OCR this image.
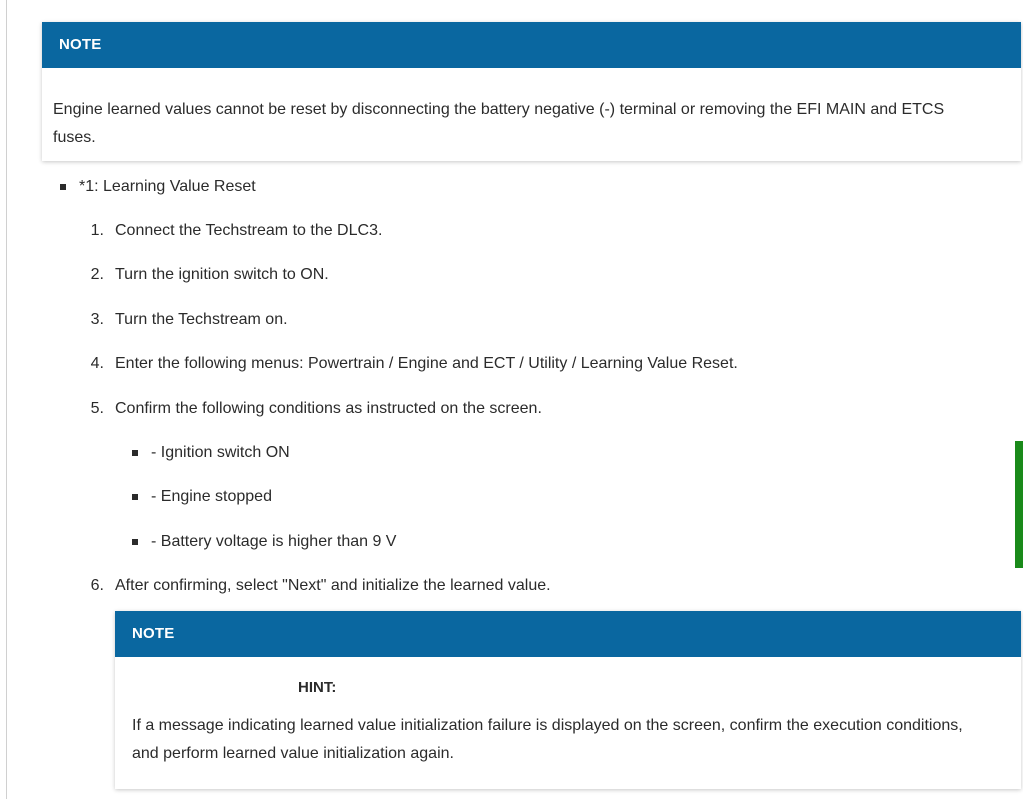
NOTE
Engine learned values cannot be reset by disconnecting the battery negative (-) terminal or removing the EFI MAIN and ETCS
fuses.
*1: Learning Value Reset
1. Connect the Techstream to the DLC3.
2. Turn the ignition switch to ON.
3. Turn the Techstream on.
4. Enter the following menus: Powertrain / Engine and ECT / Utility / Learning Value Reset.
5. Confirm the following conditions as instructed on the screen.
- Ignition switch ON
- Engine stopped
- Battery voltage is higher than 9 V
6. After confirming, select "Next" and initialize the learned value.
NOTE
HINT:
If a message indicating learned value initialization failure is displayed on the screen, confirm the execution conditions,
and perform learned value initialization again.
